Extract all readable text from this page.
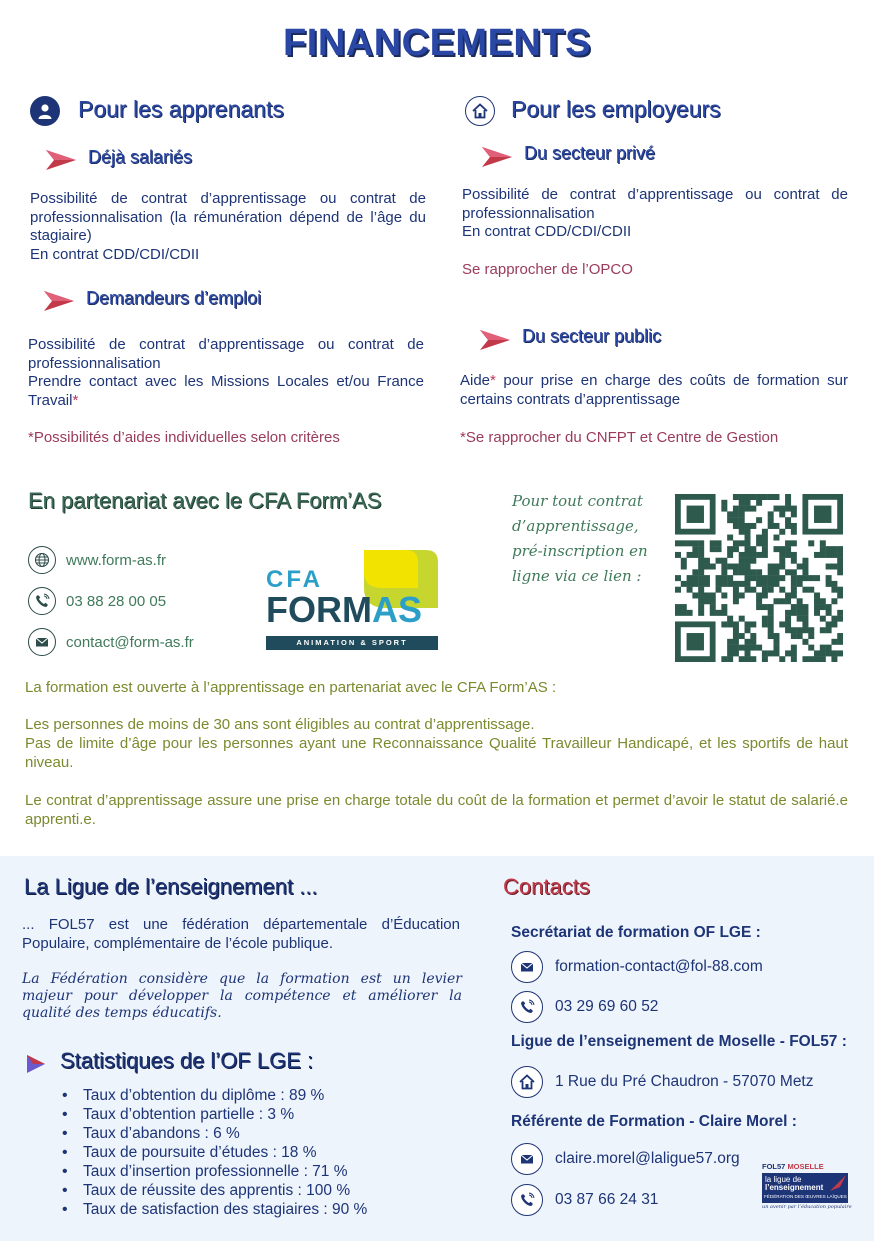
FINANCEMENTS
Pour les apprenants
Déjà salariés
Possibilité de contrat d’apprentissage ou contrat de professionnalisation (la rémunération dépend de l’âge du stagiaire)
En contrat CDD/CDI/CDII
Demandeurs d’emploi
Possibilité de contrat d’apprentissage ou contrat de professionnalisation
Prendre contact avec les Missions Locales et/ou France Travail*
*Possibilités d’aides individuelles selon critères
Pour les employeurs
Du secteur privé
Possibilité de contrat d’apprentissage ou contrat de professionnalisation
En contrat CDD/CDI/CDII
Se rapprocher de l’OPCO
Du secteur public
Aide* pour prise en charge des coûts de formation sur certains contrats d’apprentissage
*Se rapprocher du CNFPT et Centre de Gestion
En partenariat avec le CFA Form’AS
www.form-as.fr
03 88 28 00 05
contact@form-as.fr
CFA
FORMAS
ANIMATION & SPORT
Pour tout contrat
d’apprentissage,
pré-inscription en
ligne via ce lien :
La formation est ouverte à l’apprentissage en partenariat avec le CFA Form’AS :
Les personnes de moins de 30 ans sont éligibles au contrat d’apprentissage.
Pas de limite d’âge pour les personnes ayant une Reconnaissance Qualité Travailleur Handicapé, et les sportifs de haut niveau.
Le contrat d’apprentissage assure une prise en charge totale du coût de la formation et permet d’avoir le statut de salarié.e apprenti.e.
La Ligue de l’enseignement ...
... FOL57 est une fédération départementale d’Éducation Populaire, complémentaire de l’école publique.
La Fédération considère que la formation est un levier majeur pour développer la compétence et améliorer la qualité des temps éducatifs.
Statistiques de l’OF LGE :
• Taux d’obtention du diplôme : 89 %
• Taux d’obtention partielle : 3 %
• Taux d’abandons : 6 %
• Taux de poursuite d’études : 18 %
• Taux d’insertion professionnelle : 71 %
• Taux de réussite des apprentis : 100 %
• Taux de satisfaction des stagiaires : 90 %
Contacts
Secrétariat de formation OF LGE :
formation-contact@fol-88.com
03 29 69 60 52
Ligue de l’enseignement de Moselle - FOL57 :
1 Rue du Pré Chaudron - 57070 Metz
Référente de Formation - Claire Morel :
claire.morel@laligue57.org
03 87 66 24 31
FOL57 MOSELLE
la ligue de
l’enseignement
FÉDÉRATION DES ŒUVRES LAÏQUES
un avenir par l’éducation populaire
